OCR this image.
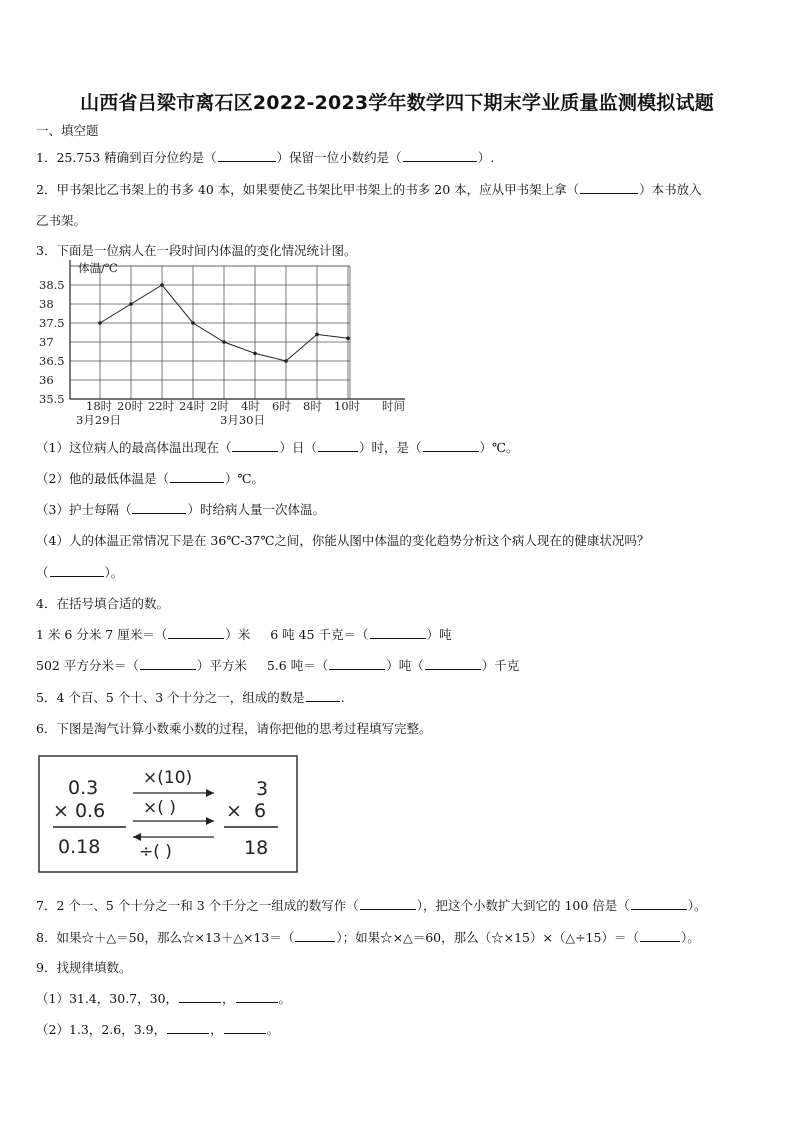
山西省吕梁市离石区2022-2023学年数学四下期末学业质量监测模拟试题
一、填空题
1．25.753 精确到百分位约是（	）保留一位小数约是（	）.
2．甲书架比乙书架上的书多 40 本，如果要使乙书架比甲书架上的书多 20 本，应从甲书架上拿（	）本书放入
乙书架。
3．下面是一位病人在一段时间内体温的变化情况统计图。
38.5
38
37.5
37
36.5
36
35.5 18时 20时 22时 24时 2时 4时 6时 8时 10时
体温/℃
时间
3月29日	3月30日
（1）这位病人的最高体温出现在（	）日（	）时，是（	）℃。
（2）他的最低体温是（	）℃。
（3）护士每隔（	）时给病人量一次体温。
（4）人的体温正常情况下是在 36℃-37℃之间，你能从图中体温的变化趋势分析这个病人现在的健康状况吗？
（	）。
4．在括号填合适的数。
1 米 6 分米 7 厘米＝（	）米 6 吨 45 千克＝（	）吨
502 平方分米＝（	）平方米 5.6 吨＝（	）吨（	）千克
5．4 个百、5 个十、3 个十分之一，组成的数是	.
6．下图是淘气计算小数乘小数的过程，请你把他的思考过程填写完整。
0.3
× 0.6
0.18
×(10)
×( )
÷( )
×
3
6
18
7．2 个一、5 个十分之一和 3 个千分之一组成的数写作（	），把这个小数扩大到它的 100 倍是（	）。
8．如果☆＋△＝50，那么☆×13＋△×13＝（	）；如果☆×△＝60，那么（☆×15）×（△÷15）＝（	）。
9．找规律填数。
（1）31.4，30.7，30，	，	。
（2）1.3，2.6，3.9，	，	。
